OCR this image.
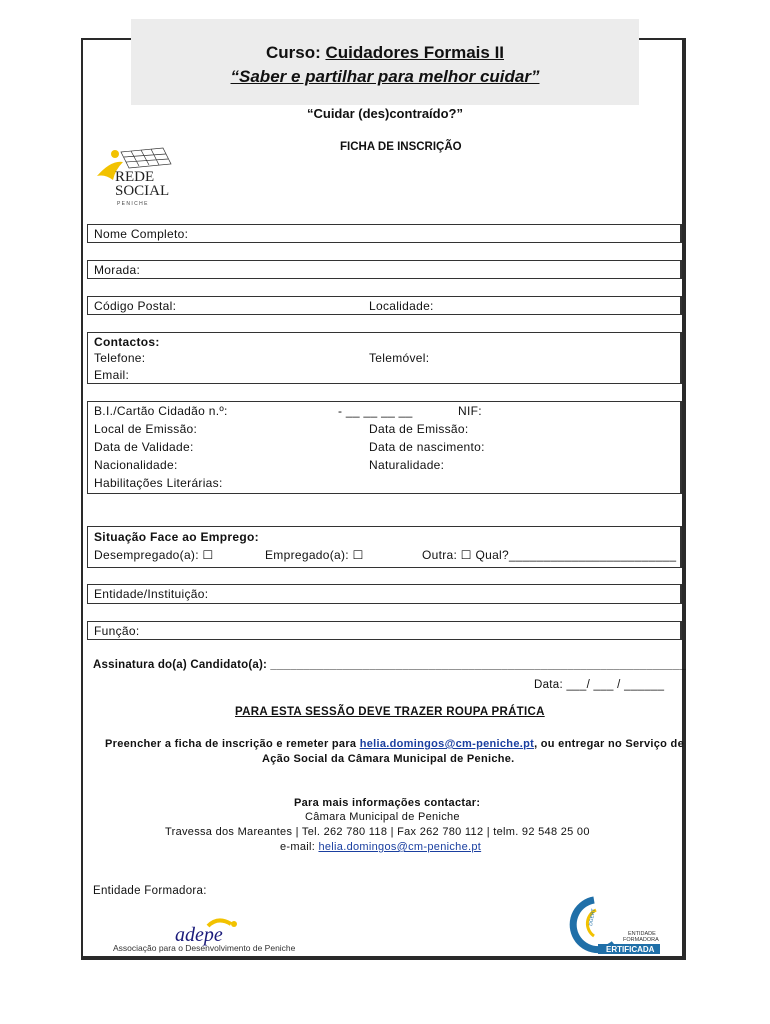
Curso: Cuidadores Formais II
“Saber e partilhar para melhor cuidar”
“Cuidar (des)contraído?”
FICHA DE INSCRIÇÃO
REDE
SOCIAL
P E N I C H E
Nome Completo:
Morada:
Código Postal:	Localidade:
Contactos:
Telefone:	Telemóvel:
Email:
B.I./Cartão Cidadão n.º:	- __ __ __ __	NIF:
Local de Emissão:	Data de Emissão:
Data de Validade:	Data de nascimento:
Nacionalidade:	Naturalidade:
Habilitações Literárias:
Situação Face ao Emprego:
Desempregado(a): ☐	Empregado(a): ☐	Outra: ☐ Qual?________________________
Entidade/Instituição:
Função:
Assinatura do(a) Candidato(a): _______________________________________________________________
Data: ___/ ___ / ______
PARA ESTA SESSÃO DEVE TRAZER ROUPA PRÁTICA
Preencher a ficha de inscrição e remeter para helia.domingos@cm-peniche.pt, ou entregar no Serviço de
Ação Social da Câmara Municipal de Peniche.
Para mais informações contactar:
Câmara Municipal de Peniche
Travessa dos Mareantes | Tel. 262 780 118 | Fax 262 780 112 | telm. 92 548 25 00
e-mail: helia.domingos@cm-peniche.pt
Entidade Formadora:
adepe
Associação para o Desenvolvimento de Peniche
DGERT
ENTIDADE
FORMADORA
ERTIFICADA
